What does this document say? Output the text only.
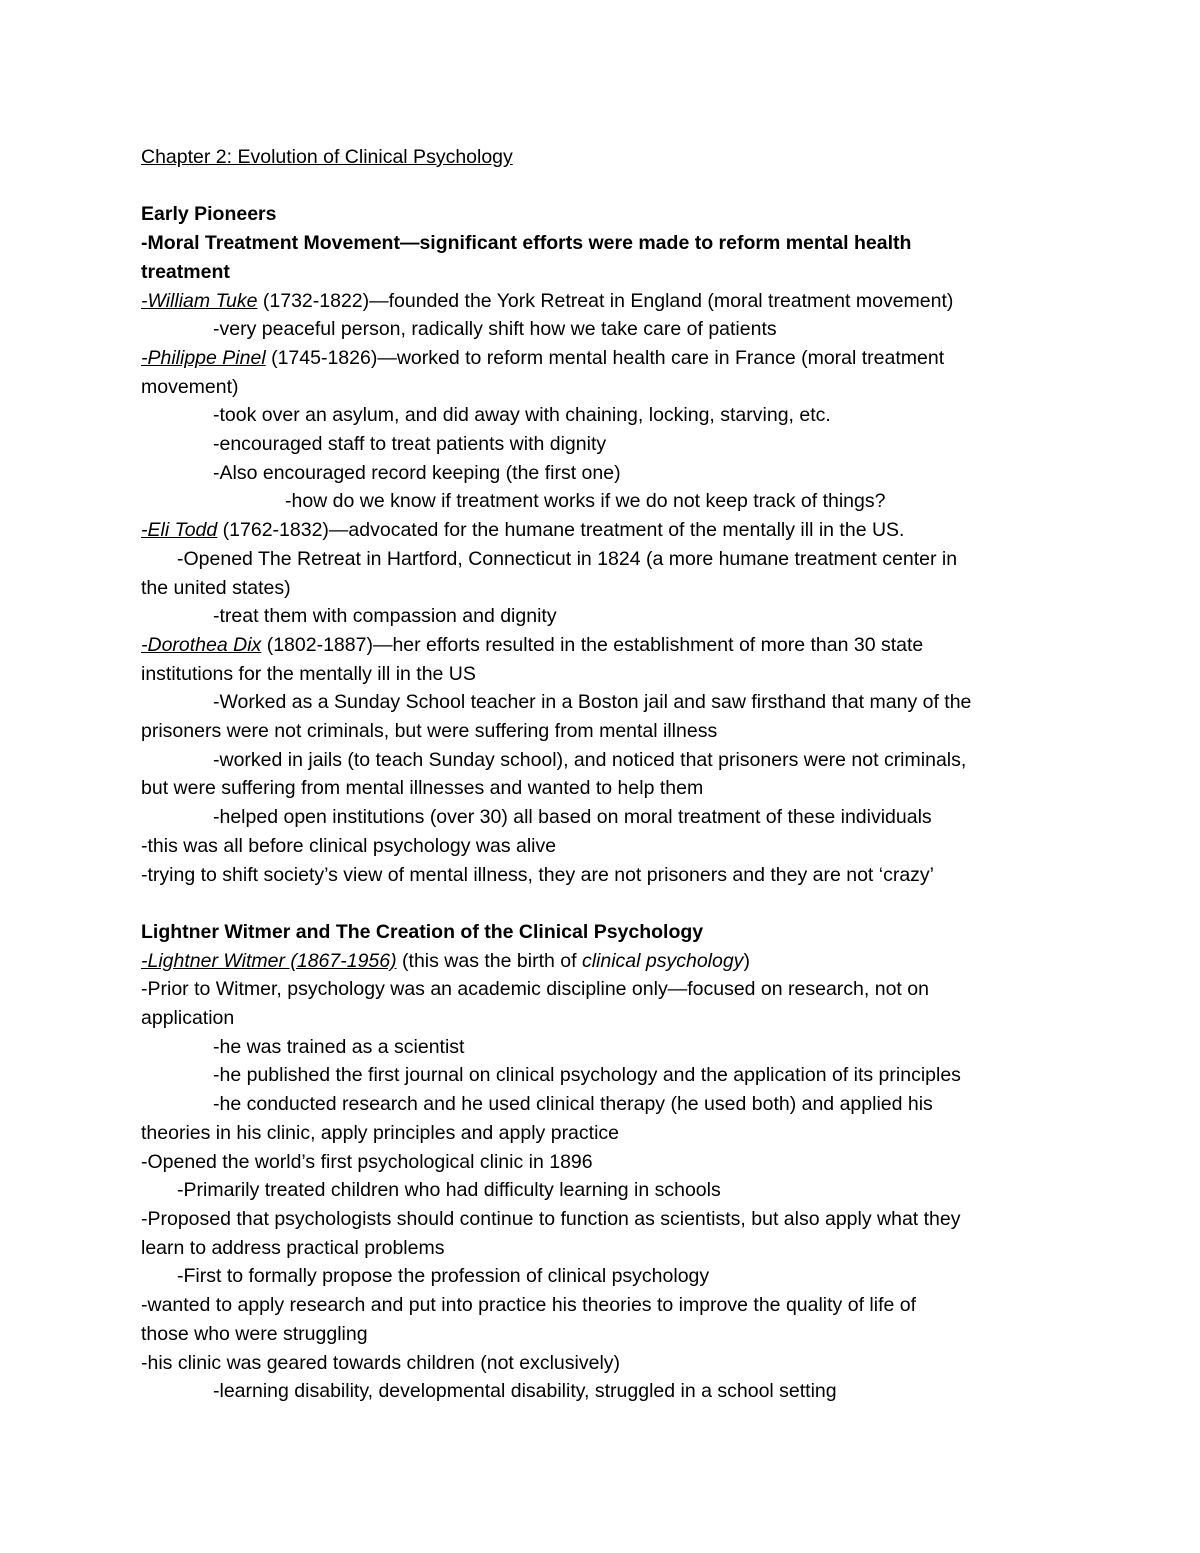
Chapter 2: Evolution of Clinical Psychology

Early Pioneers

-Moral Treatment Movement—significant efforts were made to reform mental health

treatment

-William Tuke (1732-1822)—founded the York Retreat in England (moral treatment movement)

-very peaceful person, radically shift how we take care of patients

-Philippe Pinel (1745-1826)—worked to reform mental health care in France (moral treatment

movement)

-took over an asylum, and did away with chaining, locking, starving, etc.

-encouraged staff to treat patients with dignity

-Also encouraged record keeping (the first one)

-how do we know if treatment works if we do not keep track of things?

-Eli Todd (1762-1832)—advocated for the humane treatment of the mentally ill in the US.

-Opened The Retreat in Hartford, Connecticut in 1824 (a more humane treatment center in

the united states)

-treat them with compassion and dignity

-Dorothea Dix (1802-1887)—her efforts resulted in the establishment of more than 30 state

institutions for the mentally ill in the US

-Worked as a Sunday School teacher in a Boston jail and saw firsthand that many of the

prisoners were not criminals, but were suffering from mental illness

-worked in jails (to teach Sunday school), and noticed that prisoners were not criminals,

but were suffering from mental illnesses and wanted to help them

-helped open institutions (over 30) all based on moral treatment of these individuals

-this was all before clinical psychology was alive

-trying to shift society’s view of mental illness, they are not prisoners and they are not ‘crazy’

Lightner Witmer and The Creation of the Clinical Psychology

-Lightner Witmer (1867-1956) (this was the birth of clinical psychology)

-Prior to Witmer, psychology was an academic discipline only—focused on research, not on

application

-he was trained as a scientist

-he published the first journal on clinical psychology and the application of its principles

-he conducted research and he used clinical therapy (he used both) and applied his

theories in his clinic, apply principles and apply practice

-Opened the world’s first psychological clinic in 1896

-Primarily treated children who had difficulty learning in schools

-Proposed that psychologists should continue to function as scientists, but also apply what they

learn to address practical problems

-First to formally propose the profession of clinical psychology

-wanted to apply research and put into practice his theories to improve the quality of life of

those who were struggling

-his clinic was geared towards children (not exclusively)

-learning disability, developmental disability, struggled in a school setting
